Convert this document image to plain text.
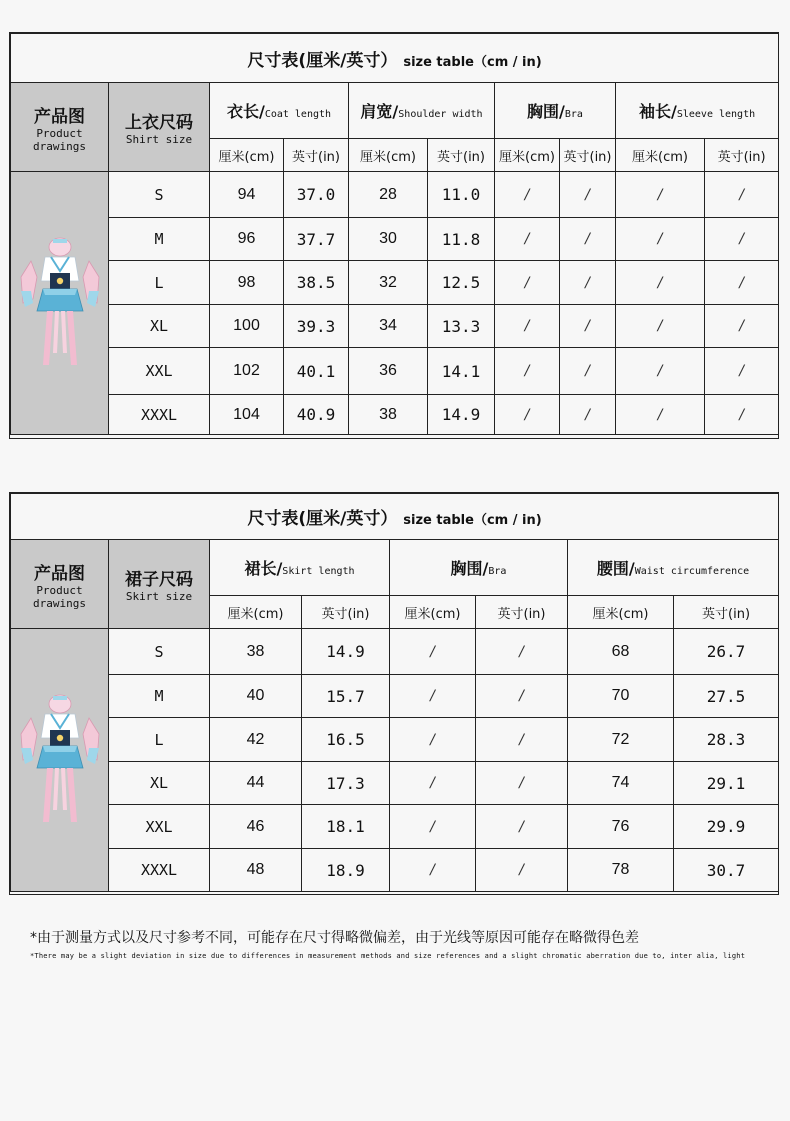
尺寸表(厘米/英寸） size table（cm / in)									

产品图
Product drawings	上衣尺码
Shirt size	衣长/Coat length		肩宽/Shoulder width		胸围/Bra		袖长/Sleeve length	
		厘米(cm)	英寸(in)	厘米(cm)	英寸(in)	厘米(cm)	英寸(in)	厘米(cm)	英寸(in)

	S	94	37.0	28	11.0	/	/	/	/
	M	96	37.7	30	11.8	/	/	/	/
	L	98	38.5	32	12.5	/	/	/	/
	XL	100	39.3	34	13.3	/	/	/	/
	XXL	102	40.1	36	14.1	/	/	/	/
	XXXL	104	40.9	38	14.9	/	/	/	/
尺寸表(厘米/英寸） size table（cm / in)							

产品图
Product drawings	裙子尺码
Skirt size	裙长/Skirt length		胸围/Bra		腰围/Waist circumference	
		厘米(cm)	英寸(in)	厘米(cm)	英寸(in)	厘米(cm)	英寸(in)

	S	38	14.9	/	/	68	26.7
	M	40	15.7	/	/	70	27.5
	L	42	16.5	/	/	72	28.3
	XL	44	17.3	/	/	74	29.1
	XXL	46	18.1	/	/	76	29.9
	XXXL	48	18.9	/	/	78	30.7
*由于测量方式以及尺寸参考不同，可能存在尺寸得略微偏差，由于光线等原因可能存在略微得色差
*There may be a slight deviation in size due to differences in measurement methods and size references and a slight chromatic aberration due to, inter alia, light
